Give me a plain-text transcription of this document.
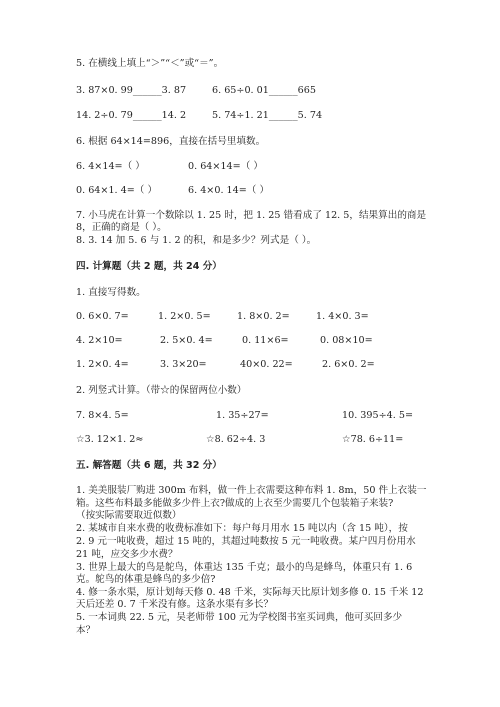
5. 在横线上填上“＞”“＜”或“＝”。
3. 87×0. 99______3. 87	6. 65÷0. 01______665
14. 2÷0. 79______14. 2	5. 74÷1. 21______5. 74
6. 根据 64×14=896，直接在括号里填数。
6. 4×14=（ ）	0. 64×14=（ ）
0. 64×1. 4=（ ）	6. 4×0. 14=（ ）
7. 小马虎在计算一个数除以 1. 25 时，把 1. 25 错看成了 12. 5，结果算出的商是
8，正确的商是（ ）。
8. 3. 14 加 5. 6 与 1. 2 的积，和是多少？列式是（ ）。
四. 计算题（共 2 题，共 24 分）
1. 直接写得数。
0. 6×0. 7=	1. 2×0. 5=	1. 8×0. 2=	1. 4×0. 3=
4. 2×10=	2. 5×0. 4=	0. 11×6=	0. 08×10=
1. 2×0. 4=	3. 3×20=	40×0. 22=	2. 6×0. 2=
2. 列竖式计算。（带☆的保留两位小数）
7. 8×4. 5=	1. 35÷27=	10. 395÷4. 5=
☆3. 12×1. 2≈	☆8. 62÷4. 3	☆78. 6÷11=
五. 解答题（共 6 题，共 32 分）
1. 美美服装厂购进 300m 布料，做一件上衣需要这种布料 1. 8m，50 件上衣装一
箱。这些布料最多能做多少件上衣?做成的上衣至少需要几个包装箱子来装?
（按实际需要取近似数）
2. 某城市自来水费的收费标准如下：每户每月用水 15 吨以内（含 15 吨），按
2. 9 元一吨收费，超过 15 吨的，其超过吨数按 5 元一吨收费。某户四月份用水
21 吨，应交多少水费？
3. 世界上最大的鸟是鸵鸟，体重达 135 千克；最小的鸟是蜂鸟，体重只有 1. 6
克。鸵鸟的体重是蜂鸟的多少倍?
4. 修一条水渠，原计划每天修 0. 48 千米，实际每天比原计划多修 0. 15 千米 12
天后还差 0. 7 千米没有修。这条水渠有多长？
5. 一本词典 22. 5 元，吴老师带 100 元为学校图书室买词典，他可买回多少
本？
